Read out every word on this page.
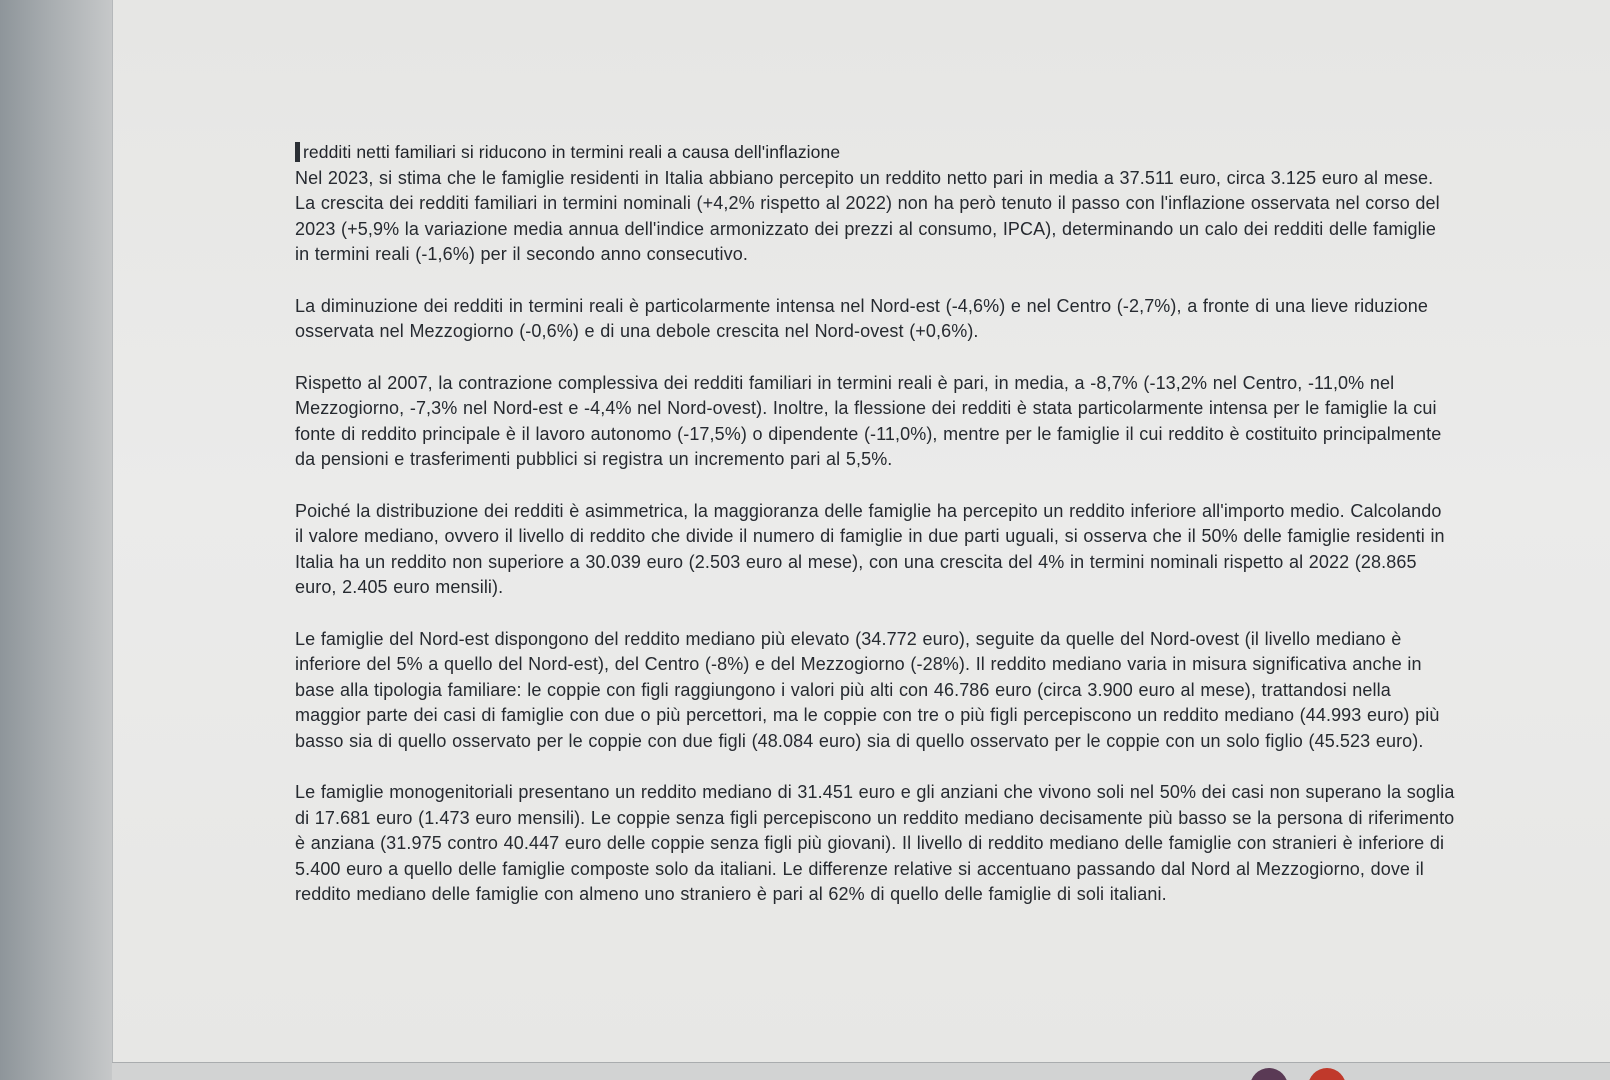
redditi netti familiari si riducono in termini reali a causa dell'inflazione

Nel 2023, si stima che le famiglie residenti in Italia abbiano percepito un reddito netto pari in media a 37.511 euro, circa 3.125 euro al mese. La crescita dei redditi familiari in termini nominali (+4,2% rispetto al 2022) non ha però tenuto il passo con l'inflazione osservata nel corso del 2023 (+5,9% la variazione media annua dell'indice armonizzato dei prezzi al consumo, IPCA), determinando un calo dei redditi delle famiglie in termini reali (-1,6%) per il secondo anno consecutivo.

La diminuzione dei redditi in termini reali è particolarmente intensa nel Nord-est (-4,6%) e nel Centro (-2,7%), a fronte di una lieve riduzione osservata nel Mezzogiorno (-0,6%) e di una debole crescita nel Nord-ovest (+0,6%).

Rispetto al 2007, la contrazione complessiva dei redditi familiari in termini reali è pari, in media, a -8,7% (-13,2% nel Centro, -11,0% nel Mezzogiorno, -7,3% nel Nord-est e -4,4% nel Nord-ovest). Inoltre, la flessione dei redditi è stata particolarmente intensa per le famiglie la cui fonte di reddito principale è il lavoro autonomo (-17,5%) o dipendente (-11,0%), mentre per le famiglie il cui reddito è costituito principalmente da pensioni e trasferimenti pubblici si registra un incremento pari al 5,5%.

Poiché la distribuzione dei redditi è asimmetrica, la maggioranza delle famiglie ha percepito un reddito inferiore all'importo medio. Calcolando il valore mediano, ovvero il livello di reddito che divide il numero di famiglie in due parti uguali, si osserva che il 50% delle famiglie residenti in Italia ha un reddito non superiore a 30.039 euro (2.503 euro al mese), con una crescita del 4% in termini nominali rispetto al 2022 (28.865 euro, 2.405 euro mensili).

Le famiglie del Nord-est dispongono del reddito mediano più elevato (34.772 euro), seguite da quelle del Nord-ovest (il livello mediano è inferiore del 5% a quello del Nord-est), del Centro (-8%) e del Mezzogiorno (-28%). Il reddito mediano varia in misura significativa anche in base alla tipologia familiare: le coppie con figli raggiungono i valori più alti con 46.786 euro (circa 3.900 euro al mese), trattandosi nella maggior parte dei casi di famiglie con due o più percettori, ma le coppie con tre o più figli percepiscono un reddito mediano (44.993 euro) più basso sia di quello osservato per le coppie con due figli (48.084 euro) sia di quello osservato per le coppie con un solo figlio (45.523 euro).

Le famiglie monogenitoriali presentano un reddito mediano di 31.451 euro e gli anziani che vivono soli nel 50% dei casi non superano la soglia di 17.681 euro (1.473 euro mensili). Le coppie senza figli percepiscono un reddito mediano decisamente più basso se la persona di riferimento è anziana (31.975 contro 40.447 euro delle coppie senza figli più giovani). Il livello di reddito mediano delle famiglie con stranieri è inferiore di 5.400 euro a quello delle famiglie composte solo da italiani. Le differenze relative si accentuano passando dal Nord al Mezzogiorno, dove il reddito mediano delle famiglie con almeno uno straniero è pari al 62% di quello delle famiglie di soli italiani.
